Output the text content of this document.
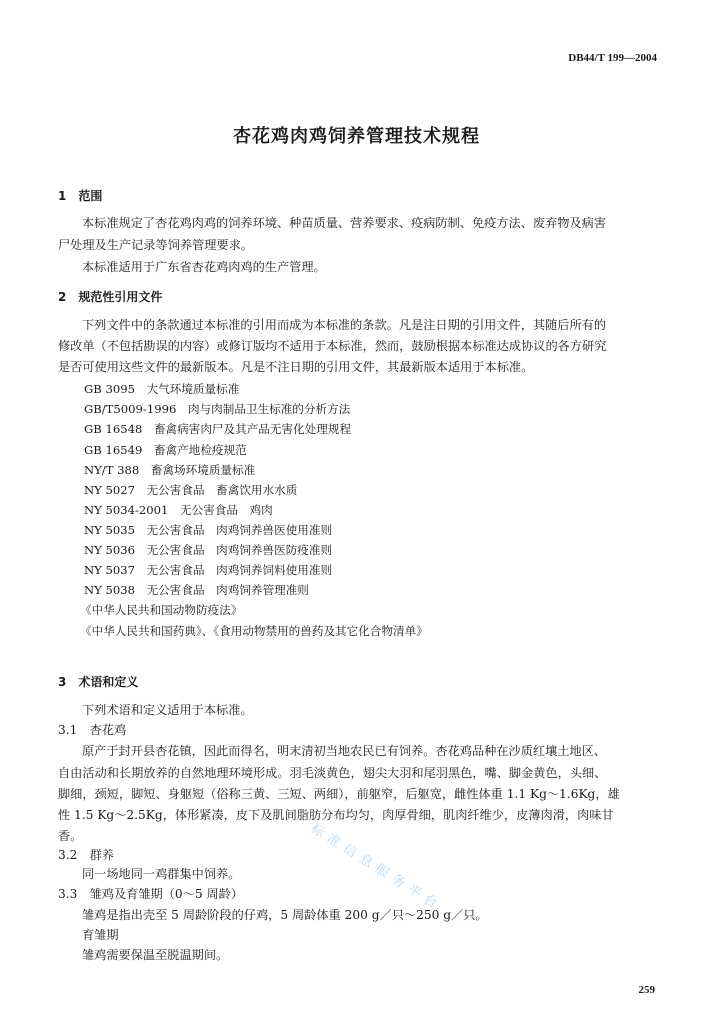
DB44/T 199—2004
杏花鸡肉鸡饲养管理技术规程
1　范围
本标准规定了杏花鸡肉鸡的饲养环境、种苗质量、营养要求、疫病防制、免疫方法、废弃物及病害
尸处理及生产记录等饲养管理要求。
本标准适用于广东省杏花鸡肉鸡的生产管理。
2　规范性引用文件
下列文件中的条款通过本标准的引用而成为本标准的条款。凡是注日期的引用文件，其随后所有的
修改单（不包括勘误的内容）或修订版均不适用于本标准，然而，鼓励根据本标准达成协议的各方研究
是否可使用这些文件的最新版本。凡是不注日期的引用文件，其最新版本适用于本标准。
GB 3095　大气环境质量标准
GB/T5009-1996　肉与肉制品卫生标准的分析方法
GB 16548　畜禽病害肉尸及其产品无害化处理规程
GB 16549　畜禽产地检疫规范
NY/T 388　畜禽场环境质量标准
NY 5027　无公害食品　畜禽饮用水水质
NY 5034-2001　无公害食品　鸡肉
NY 5035　无公害食品　肉鸡饲养兽医使用准则
NY 5036　无公害食品　肉鸡饲养兽医防疫准则
NY 5037　无公害食品　肉鸡饲养饲料使用准则
NY 5038　无公害食品　肉鸡饲养管理准则
《中华人民共和国动物防疫法》
《中华人民共和国药典》、《食用动物禁用的兽药及其它化合物清单》
3　术语和定义
下列术语和定义适用于本标准。
3.1　杏花鸡
原产于封开县杏花镇，因此而得名，明末清初当地农民已有饲养。杏花鸡品种在沙质红壤土地区、
自由活动和长期放养的自然地理环境形成。羽毛淡黄色，翅尖大羽和尾羽黑色，嘴、脚金黄色，头细、
脚细，颈短，脚短、身躯短（俗称三黄、三短、两细），前躯窄，后躯宽，雌性体重 1.1 Kg～1.6Kg，雄
性 1.5 Kg～2.5Kg，体形紧凑，皮下及肌间脂肪分布均匀，肉厚骨细，肌肉纤维少，皮薄肉滑，肉味甘
香。
3.2　群养
同一场地同一鸡群集中饲养。
3.3　雏鸡及育雏期（0～5 周龄）
雏鸡是指出壳至 5 周龄阶段的仔鸡，5 周龄体重 200 g／只～250 g／只。
育雏期
雏鸡需要保温至脱温期间。
标准信息服务平台
259
